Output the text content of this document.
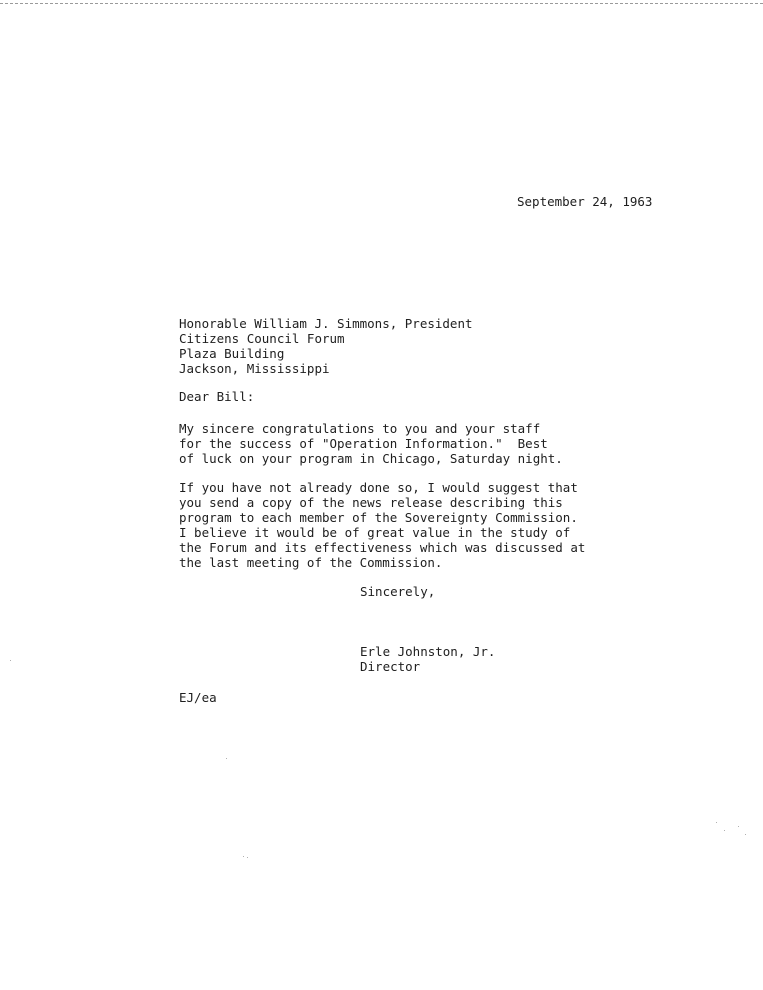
September 24, 1963
Honorable William J. Simmons, President
Citizens Council Forum
Plaza Building
Jackson, Mississippi
Dear Bill:
My sincere congratulations to you and your staff
for the success of "Operation Information."  Best
of luck on your program in Chicago, Saturday night.
If you have not already done so, I would suggest that
you send a copy of the news release describing this
program to each member of the Sovereignty Commission.
I believe it would be of great value in the study of
the Forum and its effectiveness which was discussed at
the last meeting of the Commission.
Sincerely,
Erle Johnston, Jr.
Director
EJ/ea
